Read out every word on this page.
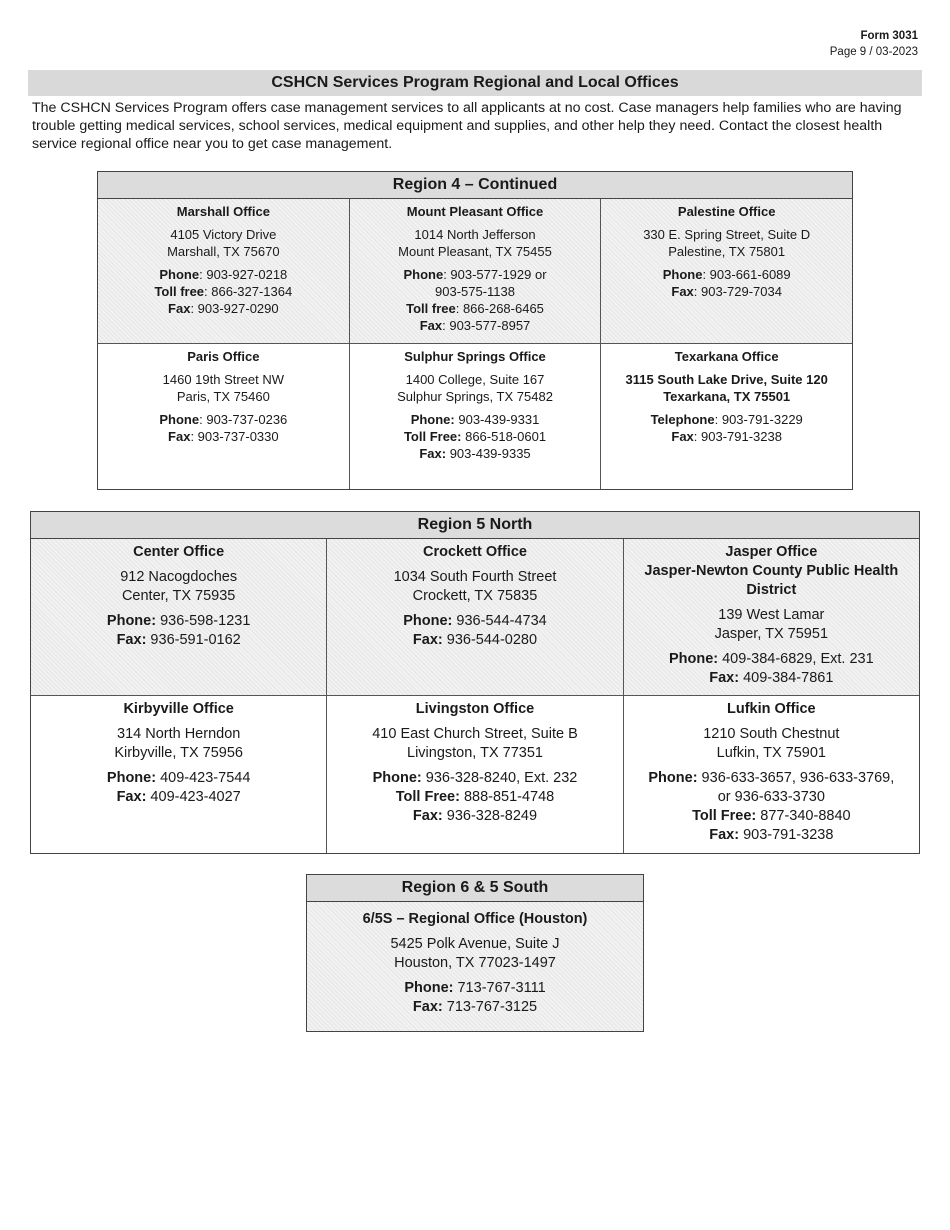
Form 3031
Page 9 / 03-2023
CSHCN Services Program Regional and Local Offices
The CSHCN Services Program offers case management services to all applicants at no cost. Case managers help families who are having trouble getting medical services, school services, medical equipment and supplies, and other help they need. Contact the closest health service regional office near you to get case management.
Region 4 – Continued
Marshall Office
4105 Victory Drive
Marshall, TX 75670
Phone: 903-927-0218
Toll free: 866-327-1364
Fax: 903-927-0290
Mount Pleasant Office
1014 North Jefferson
Mount Pleasant, TX 75455
Phone: 903-577-1929 or
903-575-1138
Toll free: 866-268-6465
Fax: 903-577-8957
Palestine Office
330 E. Spring Street, Suite D
Palestine, TX 75801
Phone: 903-661-6089
Fax: 903-729-7034
Paris Office
1460 19th Street NW
Paris, TX 75460
Phone: 903-737-0236
Fax: 903-737-0330
Sulphur Springs Office
1400 College, Suite 167
Sulphur Springs, TX 75482
Phone: 903-439-9331
Toll Free: 866-518-0601
Fax: 903-439-9335
Texarkana Office
3115 South Lake Drive, Suite 120
Texarkana, TX 75501
Telephone: 903-791-3229
Fax: 903-791-3238
Region 5 North
Center Office
912 Nacogdoches
Center, TX 75935
Phone: 936-598-1231
Fax: 936-591-0162
Crockett Office
1034 South Fourth Street
Crockett, TX 75835
Phone: 936-544-4734
Fax: 936-544-0280
Jasper Office
Jasper-Newton County Public Health
District
139 West Lamar
Jasper, TX 75951
Phone: 409-384-6829, Ext. 231
Fax: 409-384-7861
Kirbyville Office
314 North Herndon
Kirbyville, TX 75956
Phone: 409-423-7544
Fax: 409-423-4027
Livingston Office
410 East Church Street, Suite B
Livingston, TX 77351
Phone: 936-328-8240, Ext. 232
Toll Free: 888-851-4748
Fax: 936-328-8249
Lufkin Office
1210 South Chestnut
Lufkin, TX 75901
Phone: 936-633-3657, 936-633-3769,
or 936-633-3730
Toll Free: 877-340-8840
Fax: 903-791-3238
Region 6 & 5 South
6/5S – Regional Office (Houston)
5425 Polk Avenue, Suite J
Houston, TX 77023-1497
Phone: 713-767-3111
Fax: 713-767-3125
